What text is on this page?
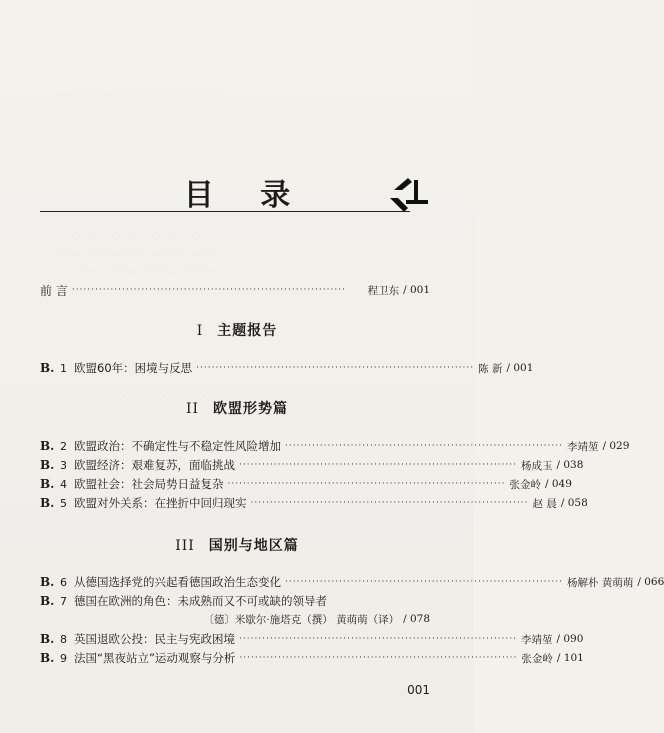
· · · · · · · · · · · · · · · · · · · · · · · · · · · ·
· · · · · · · · · · · · · · · · · · · · · · · · · · · ·
· · · · · · · · · · · · · · · · · · · · · · · · · · · ·
· · · · · · · · · · · · · · · · · · · · · · · · · · · ·
· · · · · · · · · · · · · · · · · · · · · · · · · · · ·
· · · · · · · · · · · · · · · · · · · · · · · · · · · ·
目 录
前 言 ·······································································	程卫东 / 001
I 主题报告
B. 1 欧盟60年：困境与反思 ········································································ 陈 新 / 001
II 欧盟形势篇
B. 2 欧盟政治：不确定性与不稳定性风险增加 ········································································ 李靖堃 / 029
B. 3 欧盟经济：艰难复苏，面临挑战 ········································································ 杨成玉 / 038
B. 4 欧盟社会：社会局势日益复杂 ········································································ 张金岭 / 049
B. 5 欧盟对外关系：在挫折中回归现实 ········································································ 赵 晨 / 058
III 国别与地区篇
B. 6 从德国选择党的兴起看德国政治生态变化 ········································································ 杨解朴 黄萌萌 / 066
B. 7 德国在欧洲的角色：未成熟而又不可或缺的领导者
〔德〕米歇尔·施塔克（撰） 黄萌萌（译） / 078
B. 8 英国退欧公投：民主与宪政困境 ········································································ 李靖堃 / 090
B. 9 法国“黑夜站立”运动观察与分析 ········································································ 张金岭 / 101
001
